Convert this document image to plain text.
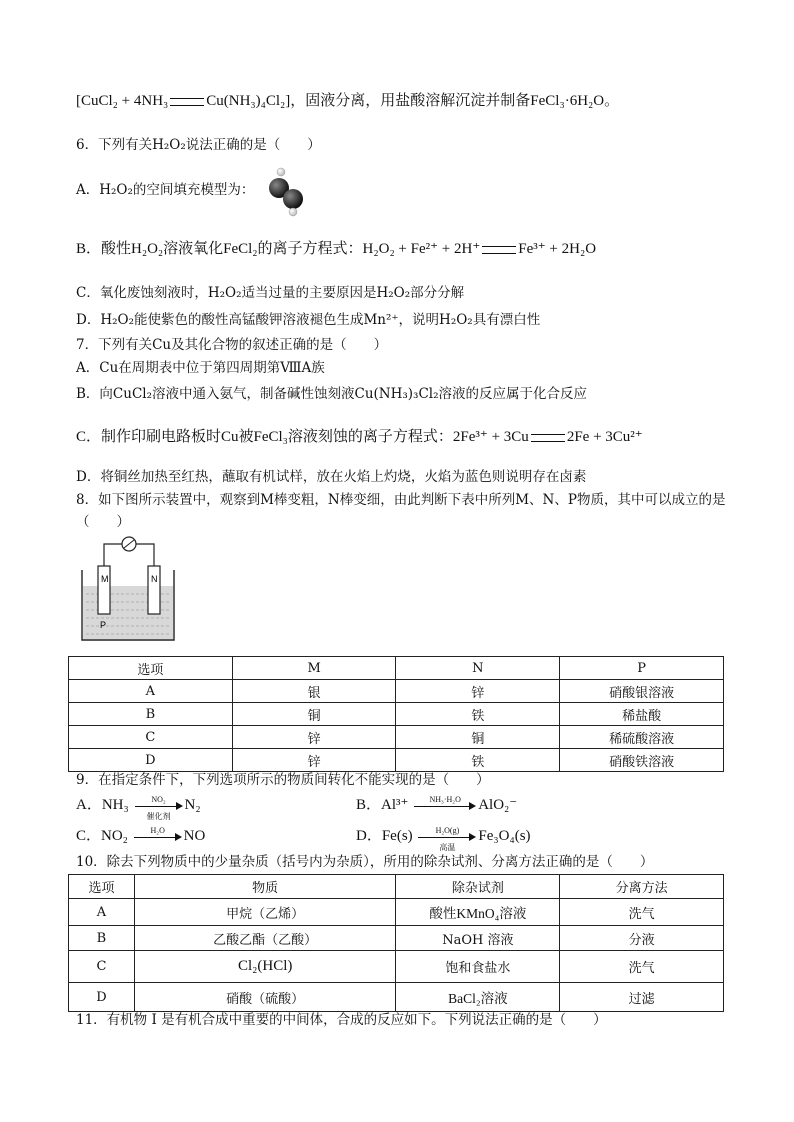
[CuCl₂ + 4NH₃	Cu(NH₃)₄Cl₂]，固液分离，用盐酸溶解沉淀并制备FeCl₃·6H₂O。
6．下列有关H₂O₂说法正确的是（　　）
A．H₂O₂的空间填充模型为：
B．酸性H₂O₂溶液氧化FeCl₂的离子方程式：H₂O₂ + Fe²⁺ + 2H⁺	Fe³⁺ + 2H₂O
C．氧化废蚀刻液时，H₂O₂适当过量的主要原因是H₂O₂部分分解
D．H₂O₂能使紫色的酸性高锰酸钾溶液褪色生成Mn²⁺，说明H₂O₂具有漂白性
7．下列有关Cu及其化合物的叙述正确的是（　　）
A．Cu在周期表中位于第四周期第ⅧA族
B．向CuCl₂溶液中通入氨气，制备碱性蚀刻液Cu(NH₃)₃Cl₂溶液的反应属于化合反应
C．制作印刷电路板时Cu被FeCl₃溶液刻蚀的离子方程式：2Fe³⁺ + 3Cu	2Fe + 3Cu²⁺
D．将铜丝加热至红热，蘸取有机试样，放在火焰上灼烧，火焰为蓝色则说明存在卤素
8．如下图所示装置中，观察到M棒变粗，N棒变细，由此判断下表中所列M、N、P物质，其中可以成立的是（　　）
M	N
P
选项	M	N	P
A	银	锌	硝酸银溶液
B	铜	铁	稀盐酸
C	锌	铜	稀硫酸溶液
D	锌	铁	硝酸铁溶液
9．在指定条件下，下列选项所示的物质间转化不能实现的是（　　）
A．NH₃	NO₂
催化剂
N₂	B．Al³⁺	NH₃·H₂O	AlO₂⁻
C．NO₂	H₂O	NO	D．Fe(s)	H₂O(g)
高温
Fe₃O₄(s)
10．除去下列物质中的少量杂质（括号内为杂质），所用的除杂试剂、分离方法正确的是（　　）
选项	物质	除杂试剂	分离方法
A	甲烷（乙烯）	酸性KMnO₄溶液	洗气
B	乙酸乙酯（乙酸）	NaOH 溶液	分液
C	Cl₂(HCl)	饱和食盐水	洗气
D	硝酸（硫酸）	BaCl₂溶液	过滤
11．有机物 I 是有机合成中重要的中间体，合成的反应如下。下列说法正确的是（　　）
